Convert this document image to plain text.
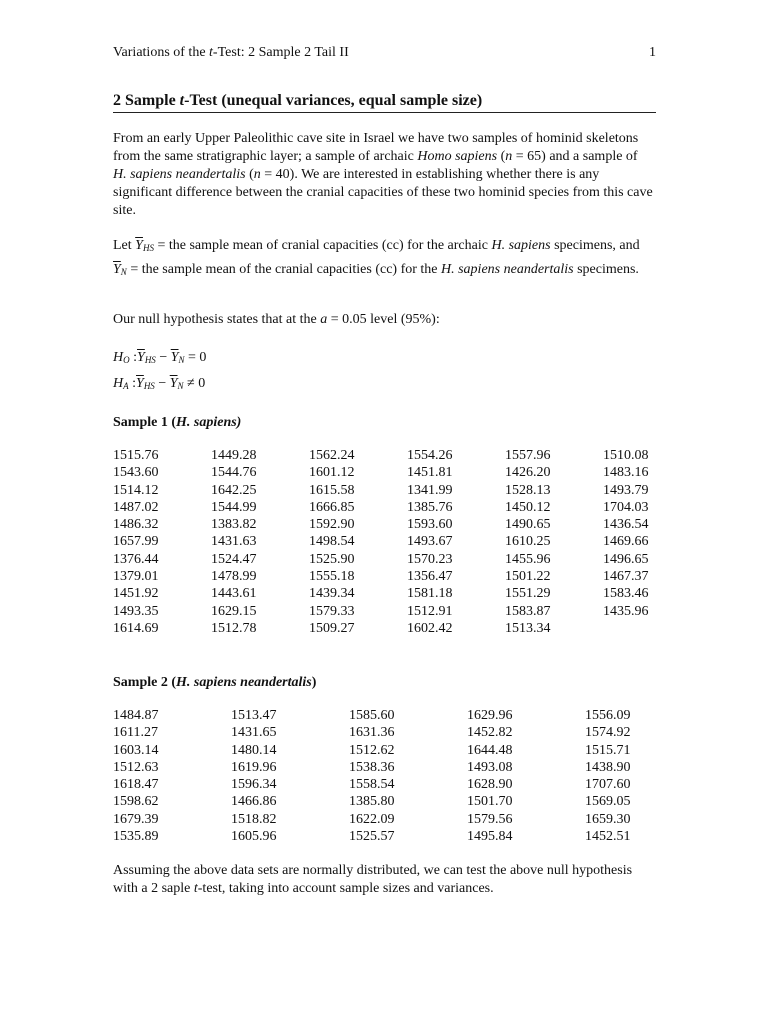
Variations of the t-Test: 2 Sample 2 Tail II	1
2 Sample t-Test (unequal variances, equal sample size)
From an early Upper Paleolithic cave site in Israel we have two samples of hominid skeletons from the same stratigraphic layer; a sample of archaic Homo sapiens (n = 65) and a sample of H. sapiens neandertalis (n = 40). We are interested in establishing whether there is any significant difference between the cranial capacities of these two hominid species from this cave site.
Let $\overline{Y}_{HS}$ = the sample mean of cranial capacities (cc) for the archaic H. sapiens specimens, and $\overline{Y}_N$ = the sample mean of the cranial capacities (cc) for the H. sapiens neandertalis specimens.
Our null hypothesis states that at the a = 0.05 level (95%):
$H_O$ $:\overline{Y}_{HS} - \overline{Y}_N = 0$
$H_A$ $:\overline{Y}_{HS} - \overline{Y}_N \ne 0$
Sample 1 (H. sapiens)
1515.76
1543.60
1514.12
1487.02
1486.32
1657.99
1376.44
1379.01
1451.92
1493.35
1614.69
1449.28
1544.76
1642.25
1544.99
1383.82
1431.63
1524.47
1478.99
1443.61
1629.15
1512.78
1562.24
1601.12
1615.58
1666.85
1592.90
1498.54
1525.90
1555.18
1439.34
1579.33
1509.27
1554.26
1451.81
1341.99
1385.76
1593.60
1493.67
1570.23
1356.47
1581.18
1512.91
1602.42
1557.96
1426.20
1528.13
1450.12
1490.65
1610.25
1455.96
1501.22
1551.29
1583.87
1513.34
1510.08
1483.16
1493.79
1704.03
1436.54
1469.66
1496.65
1467.37
1583.46
1435.96
Sample 2 (H. sapiens neandertalis)
1484.87
1611.27
1603.14
1512.63
1618.47
1598.62
1679.39
1535.89
1513.47
1431.65
1480.14
1619.96
1596.34
1466.86
1518.82
1605.96
1585.60
1631.36
1512.62
1538.36
1558.54
1385.80
1622.09
1525.57
1629.96
1452.82
1644.48
1493.08
1628.90
1501.70
1579.56
1495.84
1556.09
1574.92
1515.71
1438.90
1707.60
1569.05
1659.30
1452.51
Assuming the above data sets are normally distributed, we can test the above null hypothesis with a 2 saple t-test, taking into account sample sizes and variances.
